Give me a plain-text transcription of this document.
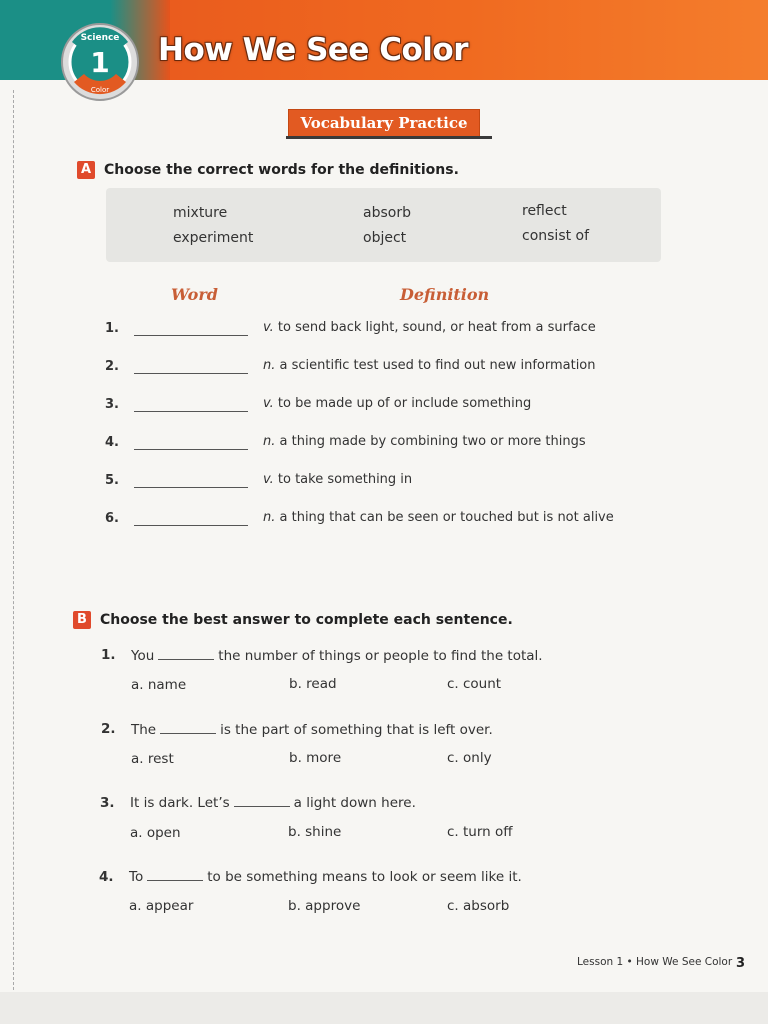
Science
1
Color
How We See Color
Vocabulary Practice
A Choose the correct words for the definitions.
mixture	absorb	reflect
experiment	object	consist of
Word	Definition
1.	v. to send back light, sound, or heat from a surface
2.	n. a scientific test used to find out new information
3.	v. to be made up of or include something
4.	n. a thing made by combining two or more things
5.	v. to take something in
6.	n. a thing that can be seen or touched but is not alive
B Choose the best answer to complete each sentence.
1. You	the number of things or people to find the total.
a. name	b. read	c. count
2. The	is the part of something that is left over.
a. rest	b. more	c. only
3. It is dark. Let’s	a light down here.
a. open	b. shine	c. turn off
4. To	to be something means to look or seem like it.
a. appear	b. approve	c. absorb
Lesson 1 • How We See Color 3
